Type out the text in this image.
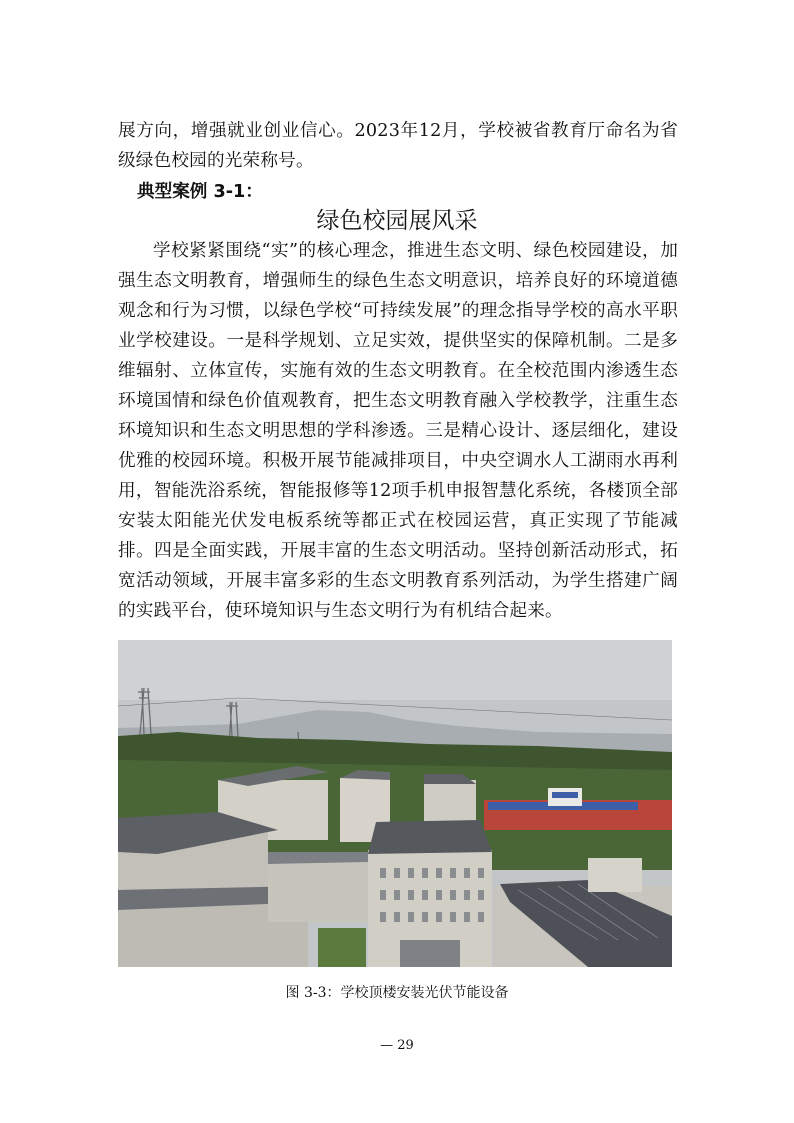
展方向，增强就业创业信心。2023年12月，学校被省教育厅命名为省级绿色校园的光荣称号。

典型案例 3-1：
绿色校园展风采

学校紧紧围绕“实”的核心理念，推进生态文明、绿色校园建设，加强生态文明教育，增强师生的绿色生态文明意识，培养良好的环境道德观念和行为习惯，以绿色学校“可持续发展”的理念指导学校的高水平职业学校建设。一是科学规划、立足实效，提供坚实的保障机制。二是多维辐射、立体宣传，实施有效的生态文明教育。在全校范围内渗透生态环境国情和绿色价值观教育，把生态文明教育融入学校教学，注重生态环境知识和生态文明思想的学科渗透。三是精心设计、逐层细化，建设优雅的校园环境。积极开展节能减排项目，中央空调水人工湖雨水再利用，智能洗浴系统，智能报修等12项手机申报智慧化系统，各楼顶全部安装太阳能光伏发电板系统等都正式在校园运营，真正实现了节能减排。四是全面实践，开展丰富的生态文明活动。坚持创新活动形式，拓宽活动领域，开展丰富多彩的生态文明教育系列活动，为学生搭建广阔的实践平台，使环境知识与生态文明行为有机结合起来。

图 3-3：学校顶楼安装光伏节能设备
— 29
